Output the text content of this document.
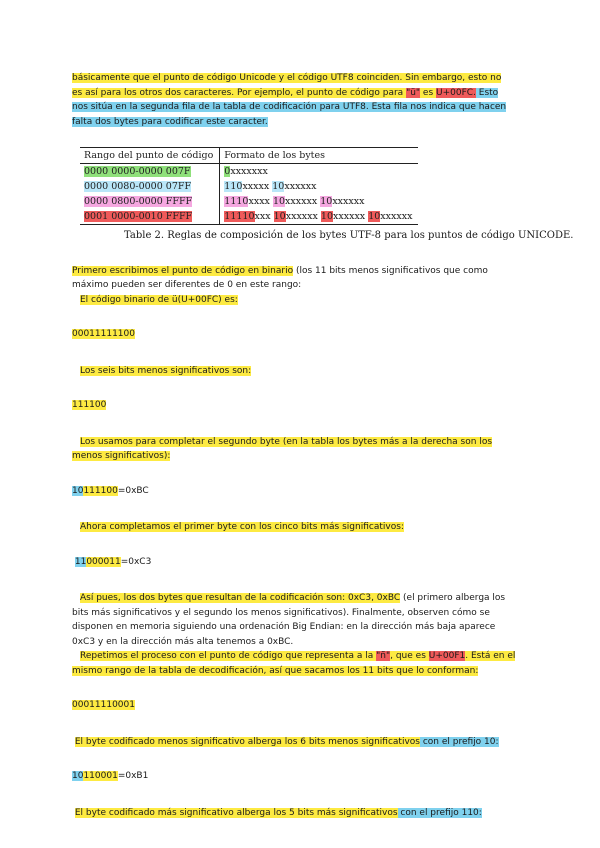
básicamente que el punto de código Unicode y el código UTF8 coinciden. Sin embargo, esto no
es así para los otros dos caracteres. Por ejemplo, el punto de código para "ü" es U+00FC. Esto
nos sitúa en la segunda fila de la tabla de codificación para UTF8. Esta fila nos indica que hacen
falta dos bytes para codificar este caracter.

Rango del punto de código	Formato de los bytes
0000 0000-0000 007F	0xxxxxxx
0000 0080-0000 07FF	110xxxxx 10xxxxxx
0000 0800-0000 FFFF	1110xxxx 10xxxxxx 10xxxxxx
0001 0000-0010 FFFF	11110xxx 10xxxxxx 10xxxxxx 10xxxxxx

Table 2. Reglas de composición de los bytes UTF-8 para los puntos de código UNICODE.

Primero escribimos el punto de código en binario (los 11 bits menos significativos que como
máximo pueden ser diferentes de 0 en este rango:
El código binario de ü(U+00FC) es:

00011111100

Los seis bits menos significativos son:

111100

Los usamos para completar el segundo byte (en la tabla los bytes más a la derecha son los
menos significativos):

10111100=0xBC

Ahora completamos el primer byte con los cinco bits más significativos:

11000011=0xC3

Así pues, los dos bytes que resultan de la codificación son: 0xC3, 0xBC (el primero alberga los
bits más significativos y el segundo los menos significativos). Finalmente, observen cómo se
disponen en memoria siguiendo una ordenación Big Endian: en la dirección más baja aparece
0xC3 y en la dirección más alta tenemos a 0xBC.

Repetimos el proceso con el punto de código que representa a la "ñ", que es U+00F1. Está en el
mismo rango de la tabla de decodificación, así que sacamos los 11 bits que lo conforman:

00011110001

El byte codificado menos significativo alberga los 6 bits menos significativos con el prefijo 10:

10110001=0xB1

El byte codificado más significativo alberga los 5 bits más significativos con el prefijo 110:
